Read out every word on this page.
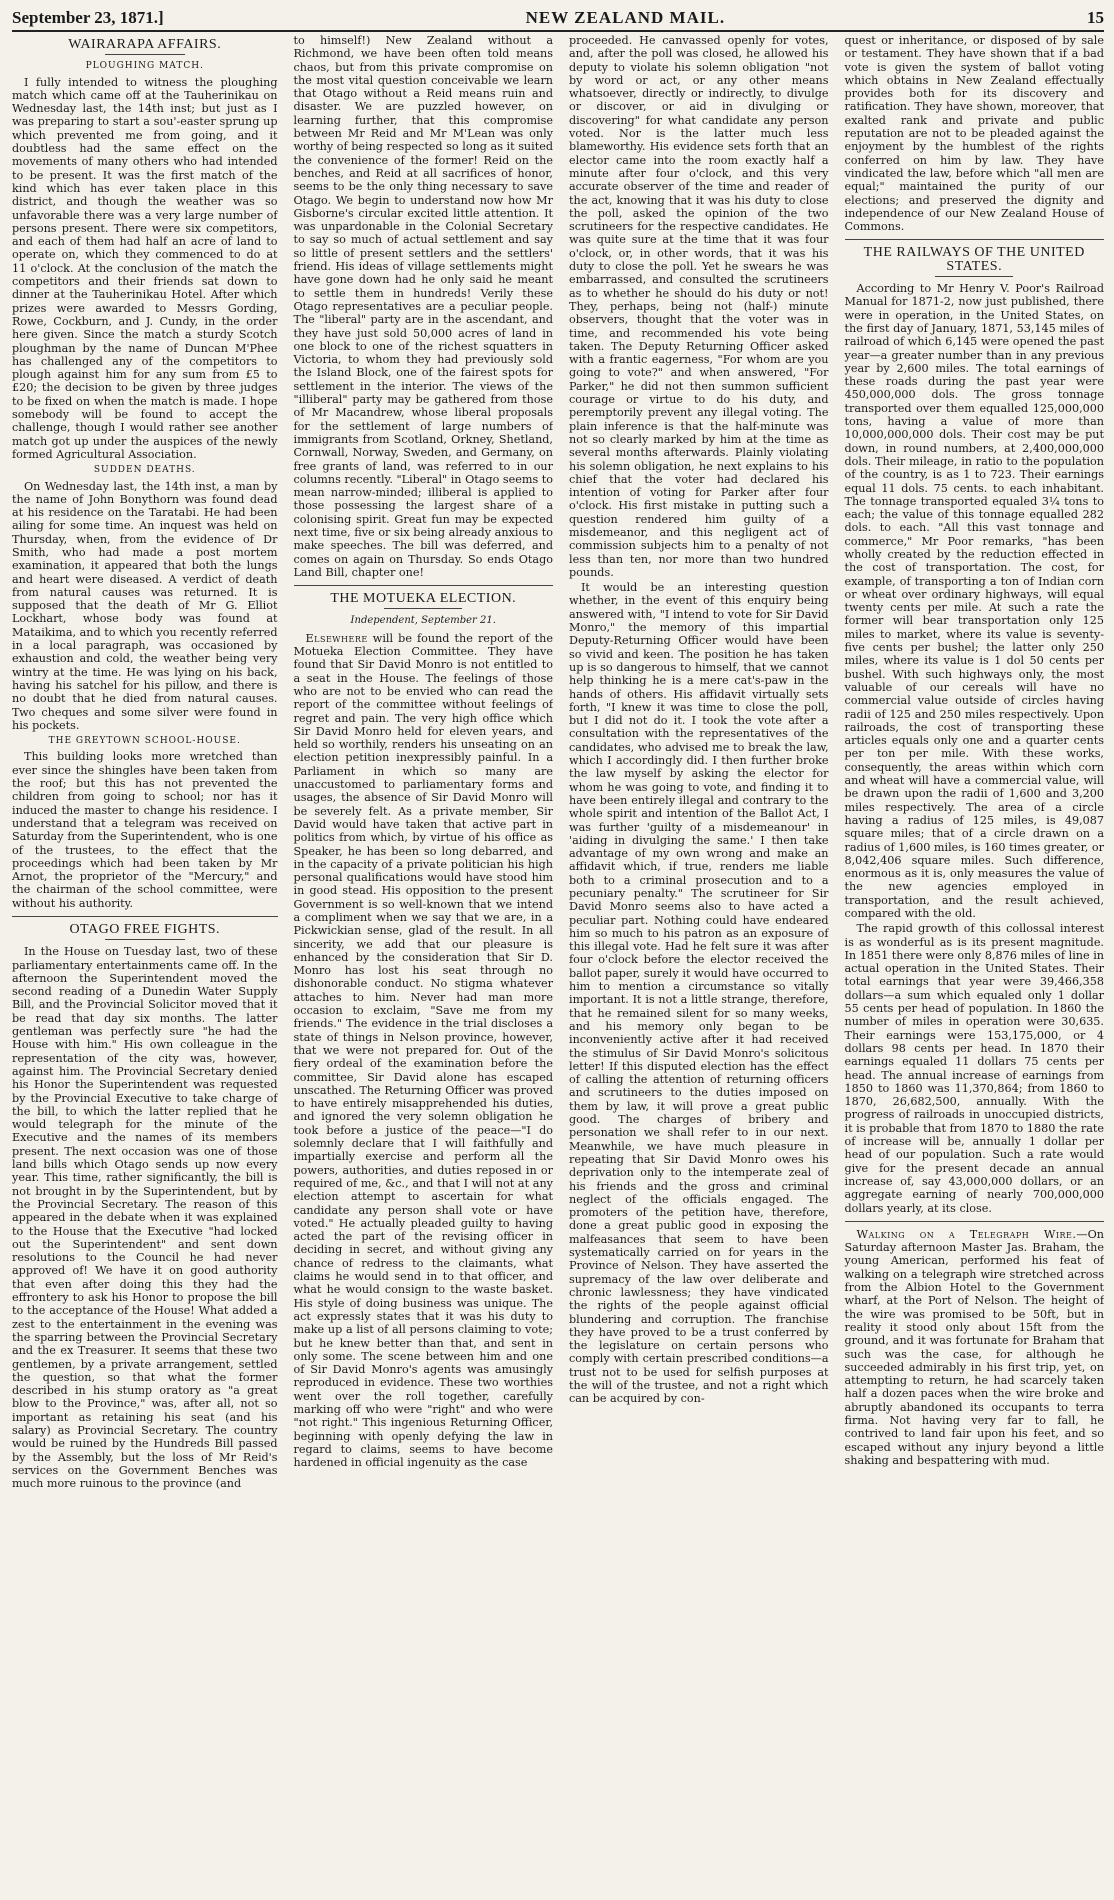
September 23, 1871.]	NEW ZEALAND MAIL.	15
WAIRARAPA AFFAIRS.
PLOUGHING MATCH.

I fully intended to witness the ploughing match which came off at the Tauherinikau on Wednesday last, the 14th inst; but just as I was preparing to start a sou'-easter sprung up which prevented me from going, and it doubtless had the same effect on the movements of many others who had intended to be present. It was the first match of the kind which has ever taken place in this district, and though the weather was so unfavorable there was a very large number of persons present. There were six competitors, and each of them had half an acre of land to operate on, which they commenced to do at 11 o'clock. At the conclusion of the match the competitors and their friends sat down to dinner at the Tauherinikau Hotel. After which prizes were awarded to Messrs Gording, Rowe, Cockburn, and J. Cundy, in the order here given. Since the match a sturdy Scotch ploughman by the name of Duncan M'Phee has challenged any of the competitors to plough against him for any sum from £5 to £20; the decision to be given by three judges to be fixed on when the match is made. I hope somebody will be found to accept the challenge, though I would rather see another match got up under the auspices of the newly formed Agricultural Association.

SUDDEN DEATHS.

On Wednesday last, the 14th inst, a man by the name of John Bonythorn was found dead at his residence on the Taratabi. He had been ailing for some time. An inquest was held on Thursday, when, from the evidence of Dr Smith, who had made a post mortem examination, it appeared that both the lungs and heart were diseased. A verdict of death from natural causes was returned. It is supposed that the death of Mr G. Elliot Lockhart, whose body was found at Mataikima, and to which you recently referred in a local paragraph, was occasioned by exhaustion and cold, the weather being very wintry at the time. He was lying on his back, having his satchel for his pillow, and there is no doubt that he died from natural causes. Two cheques and some silver were found in his pockets.

THE GREYTOWN SCHOOL-HOUSE.

This building looks more wretched than ever since the shingles have been taken from the roof; but this has not prevented the children from going to school; nor has it induced the master to change his residence. I understand that a telegram was received on Saturday from the Superintendent, who is one of the trustees, to the effect that the proceedings which had been taken by Mr Arnot, the proprietor of the "Mercury," and the chairman of the school committee, were without his authority.

OTAGO FREE FIGHTS.

In the House on Tuesday last, two of these parliamentary entertainments came off. In the afternoon the Superintendent moved the second reading of a Dunedin Water Supply Bill, and the Provincial Solicitor moved that it be read that day six months. The latter gentleman was perfectly sure "he had the House with him." His own colleague in the representation of the city was, however, against him. The Provincial Secretary denied his Honor the Superintendent was requested by the Provincial Executive to take charge of the bill, to which the latter replied that he would telegraph for the minute of the Executive and the names of its members present. The next occasion was one of those land bills which Otago sends up now every year. This time, rather significantly, the bill is not brought in by the Superintendent, but by the Provincial Secretary. The reason of this appeared in the debate when it was explained to the House that the Executive "had locked out the Superintendent" and sent down resolutions to the Council he had never approved of! We have it on good authority that even after doing this they had the effrontery to ask his Honor to propose the bill to the acceptance of the House! What added a zest to the entertainment in the evening was the sparring between the Provincial Secretary and the ex Treasurer. It seems that these two gentlemen, by a private arrangement, settled the question, so that what the former described in his stump oratory as "a great blow to the Province," was, after all, not so important as retaining his seat (and his salary) as Provincial Secretary. The country would be ruined by the Hundreds Bill passed by the Assembly, but the loss of Mr Reid's services on the Government Benches was much more ruinous to the province (and

to himself!) New Zealand without a Richmond, we have been often told means chaos, but from this private compromise on the most vital question conceivable we learn that Otago without a Reid means ruin and disaster. We are puzzled however, on learning further, that this compromise between Mr Reid and Mr M'Lean was only worthy of being respected so long as it suited the convenience of the former! Reid on the benches, and Reid at all sacrifices of honor, seems to be the only thing necessary to save Otago. We begin to understand now how Mr Gisborne's circular excited little attention. It was unpardonable in the Colonial Secretary to say so much of actual settlement and say so little of present settlers and the settlers' friend. His ideas of village settlements might have gone down had he only said he meant to settle them in hundreds! Verily these Otago representatives are a peculiar people. The "liberal" party are in the ascendant, and they have just sold 50,000 acres of land in one block to one of the richest squatters in Victoria, to whom they had previously sold the Island Block, one of the fairest spots for settlement in the interior. The views of the "illiberal" party may be gathered from those of Mr Macandrew, whose liberal proposals for the settlement of large numbers of immigrants from Scotland, Orkney, Shetland, Cornwall, Norway, Sweden, and Germany, on free grants of land, was referred to in our columns recently. "Liberal" in Otago seems to mean narrow-minded; illiberal is applied to those possessing the largest share of a colonising spirit. Great fun may be expected next time, five or six being already anxious to make speeches. The bill was deferred, and comes on again on Thursday. So ends Otago Land Bill, chapter one!

THE MOTUEKA ELECTION.
Independent, September 21.

Elsewhere will be found the report of the Motueka Election Committee. They have found that Sir David Monro is not entitled to a seat in the House. The feelings of those who are not to be envied who can read the report of the committee without feelings of regret and pain. The very high office which Sir David Monro held for eleven years, and held so worthily, renders his unseating on an election petition inexpressibly painful. In a Parliament in which so many are unaccustomed to parliamentary forms and usages, the absence of Sir David Monro will be severely felt. As a private member, Sir David would have taken that active part in politics from which, by virtue of his office as Speaker, he has been so long debarred, and in the capacity of a private politician his high personal qualifications would have stood him in good stead. His opposition to the present Government is so well-known that we intend a compliment when we say that we are, in a Pickwickian sense, glad of the result. In all sincerity, we add that our pleasure is enhanced by the consideration that Sir D. Monro has lost his seat through no dishonorable conduct. No stigma whatever attaches to him. Never had man more occasion to exclaim, "Save me from my friends." The evidence in the trial discloses a state of things in Nelson province, however, that we were not prepared for. Out of the fiery ordeal of the examination before the committee, Sir David alone has escaped unscathed. The Returning Officer was proved to have entirely misapprehended his duties, and ignored the very solemn obligation he took before a justice of the peace—"I do solemnly declare that I will faithfully and impartially exercise and perform all the powers, authorities, and duties reposed in or required of me, &c., and that I will not at any election attempt to ascertain for what candidate any person shall vote or have voted." He actually pleaded guilty to having acted the part of the revising officer in deciding in secret, and without giving any chance of redress to the claimants, what claims he would send in to that officer, and what he would consign to the waste basket. His style of doing business was unique. The act expressly states that it was his duty to make up a list of all persons claiming to vote; but he knew better than that, and sent in only some. The scene between him and one of Sir David Monro's agents was amusingly reproduced in evidence. These two worthies went over the roll together, carefully marking off who were "right" and who were "not right." This ingenious Returning Officer, beginning with openly defying the law in regard to claims, seems to have become hardened in official ingenuity as the case

proceeded. He canvassed openly for votes, and, after the poll was closed, he allowed his deputy to violate his solemn obligation "not by word or act, or any other means whatsoever, directly or indirectly, to divulge or discover, or aid in divulging or discovering" for what candidate any person voted. Nor is the latter much less blameworthy. His evidence sets forth that an elector came into the room exactly half a minute after four o'clock, and this very accurate observer of the time and reader of the act, knowing that it was his duty to close the poll, asked the opinion of the two scrutineers for the respective candidates. He was quite sure at the time that it was four o'clock, or, in other words, that it was his duty to close the poll. Yet he swears he was embarrassed, and consulted the scrutineers as to whether he should do his duty or not! They, perhaps, being not (half-) minute observers, thought that the voter was in time, and recommended his vote being taken. The Deputy Returning Officer asked with a frantic eagerness, "For whom are you going to vote?" and when answered, "For Parker," he did not then summon sufficient courage or virtue to do his duty, and peremptorily prevent any illegal voting. The plain inference is that the half-minute was not so clearly marked by him at the time as several months afterwards. Plainly violating his solemn obligation, he next explains to his chief that the voter had declared his intention of voting for Parker after four o'clock. His first mistake in putting such a question rendered him guilty of a misdemeanor, and this negligent act of commission subjects him to a penalty of not less than ten, nor more than two hundred pounds.

It would be an interesting question whether, in the event of this enquiry being answered with, "I intend to vote for Sir David Monro," the memory of this impartial Deputy-Returning Officer would have been so vivid and keen. The position he has taken up is so dangerous to himself, that we cannot help thinking he is a mere cat's-paw in the hands of others. His affidavit virtually sets forth, "I knew it was time to close the poll, but I did not do it. I took the vote after a consultation with the representatives of the candidates, who advised me to break the law, which I accordingly did. I then further broke the law myself by asking the elector for whom he was going to vote, and finding it to have been entirely illegal and contrary to the whole spirit and intention of the Ballot Act, I was further 'guilty of a misdemeanour' in 'aiding in divulging the same.' I then take advantage of my own wrong and make an affidavit which, if true, renders me liable both to a criminal prosecution and to a pecuniary penalty." The scrutineer for Sir David Monro seems also to have acted a peculiar part. Nothing could have endeared him so much to his patron as an exposure of this illegal vote. Had he felt sure it was after four o'clock before the elector received the ballot paper, surely it would have occurred to him to mention a circumstance so vitally important. It is not a little strange, therefore, that he remained silent for so many weeks, and his memory only began to be inconveniently active after it had received the stimulus of Sir David Monro's solicitous letter! If this disputed election has the effect of calling the attention of returning officers and scrutineers to the duties imposed on them by law, it will prove a great public good. The charges of bribery and personation we shall refer to in our next. Meanwhile, we have much pleasure in repeating that Sir David Monro owes his deprivation only to the intemperate zeal of his friends and the gross and criminal neglect of the officials engaged. The promoters of the petition have, therefore, done a great public good in exposing the malfeasances that seem to have been systematically carried on for years in the Province of Nelson. They have asserted the supremacy of the law over deliberate and chronic lawlessness; they have vindicated the rights of the people against official blundering and corruption. The franchise they have proved to be a trust conferred by the legislature on certain persons who comply with certain prescribed conditions—a trust not to be used for selfish purposes at the will of the trustee, and not a right which can be acquired by con-

quest or inheritance, or disposed of by sale or testament. They have shown that if a bad vote is given the system of ballot voting which obtains in New Zealand effectually provides both for its discovery and ratification. They have shown, moreover, that exalted rank and private and public reputation are not to be pleaded against the enjoyment by the humblest of the rights conferred on him by law. They have vindicated the law, before which "all men are equal;" maintained the purity of our elections; and preserved the dignity and independence of our New Zealand House of Commons.

THE RAILWAYS OF THE UNITED STATES.

According to Mr Henry V. Poor's Railroad Manual for 1871-2, now just published, there were in operation, in the United States, on the first day of January, 1871, 53,145 miles of railroad of which 6,145 were opened the past year—a greater number than in any previous year by 2,600 miles. The total earnings of these roads during the past year were 450,000,000 dols. The gross tonnage transported over them equalled 125,000,000 tons, having a value of more than 10,000,000,000 dols. Their cost may be put down, in round numbers, at 2,400,000,000 dols. Their mileage, in ratio to the population of the country, is as 1 to 723. Their earnings equal 11 dols. 75 cents. to each inhabitant. The tonnage transported equaled 3¼ tons to each; the value of this tonnage equalled 282 dols. to each. "All this vast tonnage and commerce," Mr Poor remarks, "has been wholly created by the reduction effected in the cost of transportation. The cost, for example, of transporting a ton of Indian corn or wheat over ordinary highways, will equal twenty cents per mile. At such a rate the former will bear transportation only 125 miles to market, where its value is seventy-five cents per bushel; the latter only 250 miles, where its value is 1 dol 50 cents per bushel. With such highways only, the most valuable of our cereals will have no commercial value outside of circles having radii of 125 and 250 miles respectively. Upon railroads, the cost of transporting these articles equals only one and a quarter cents per ton per mile. With these works, consequently, the areas within which corn and wheat will have a commercial value, will be drawn upon the radii of 1,600 and 3,200 miles respectively. The area of a circle having a radius of 125 miles, is 49,087 square miles; that of a circle drawn on a radius of 1,600 miles, is 160 times greater, or 8,042,406 square miles. Such difference, enormous as it is, only measures the value of the new agencies employed in transportation, and the result achieved, compared with the old.

The rapid growth of this collossal interest is as wonderful as is its present magnitude. In 1851 there were only 8,876 miles of line in actual operation in the United States. Their total earnings that year were 39,466,358 dollars—a sum which equaled only 1 dollar 55 cents per head of population. In 1860 the number of miles in operation were 30,635. Their earnings were 153,175,000, or 4 dollars 98 cents per head. In 1870 their earnings equaled 11 dollars 75 cents per head. The annual increase of earnings from 1850 to 1860 was 11,370,864; from 1860 to 1870, 26,682,500, annually. With the progress of railroads in unoccupied districts, it is probable that from 1870 to 1880 the rate of increase will be, annually 1 dollar per head of our population. Such a rate would give for the present decade an annual increase of, say 43,000,000 dollars, or an aggregate earning of nearly 700,000,000 dollars yearly, at its close.

Walking on a Telegraph Wire.—On Saturday afternoon Master Jas. Braham, the young American, performed his feat of walking on a telegraph wire stretched across from the Albion Hotel to the Government wharf, at the Port of Nelson. The height of the wire was promised to be 50ft, but in reality it stood only about 15ft from the ground, and it was fortunate for Braham that such was the case, for although he succeeded admirably in his first trip, yet, on attempting to return, he had scarcely taken half a dozen paces when the wire broke and abruptly abandoned its occupants to terra firma. Not having very far to fall, he contrived to land fair upon his feet, and so escaped without any injury beyond a little shaking and bespattering with mud.
